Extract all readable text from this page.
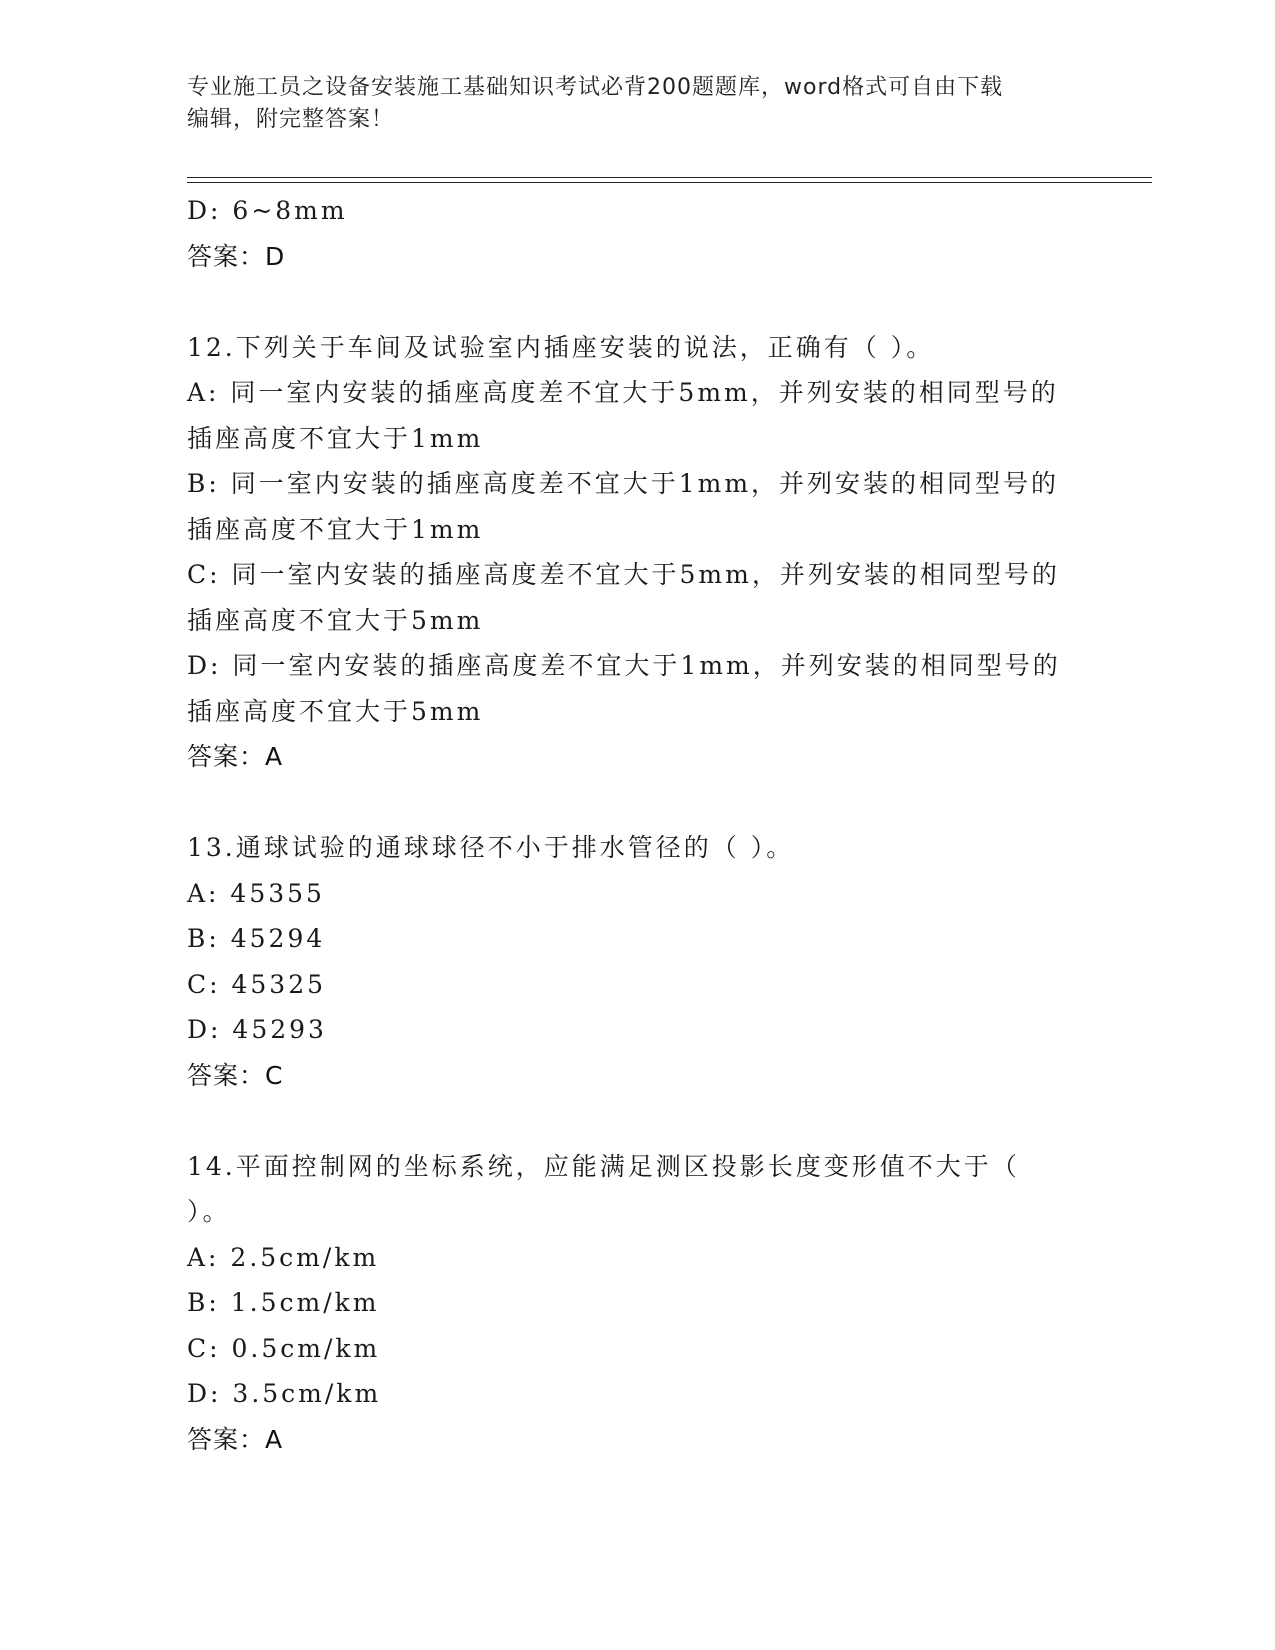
专业施工员之设备安装施工基础知识考试必背200题题库，word格式可自由下载
编辑，附完整答案！
D: 6~8mm
答案：D
12.下列关于车间及试验室内插座安装的说法，正确有（ ）。
A: 同一室内安装的插座高度差不宜大于5mm，并列安装的相同型号的
插座高度不宜大于1mm
B: 同一室内安装的插座高度差不宜大于1mm，并列安装的相同型号的
插座高度不宜大于1mm
C: 同一室内安装的插座高度差不宜大于5mm，并列安装的相同型号的
插座高度不宜大于5mm
D: 同一室内安装的插座高度差不宜大于1mm，并列安装的相同型号的
插座高度不宜大于5mm
答案：A
13.通球试验的通球球径不小于排水管径的（ ）。
A: 45355
B: 45294
C: 45325
D: 45293
答案：C
14.平面控制网的坐标系统，应能满足测区投影长度变形值不大于（
）。
A: 2.5cm/km
B: 1.5cm/km
C: 0.5cm/km
D: 3.5cm/km
答案：A
